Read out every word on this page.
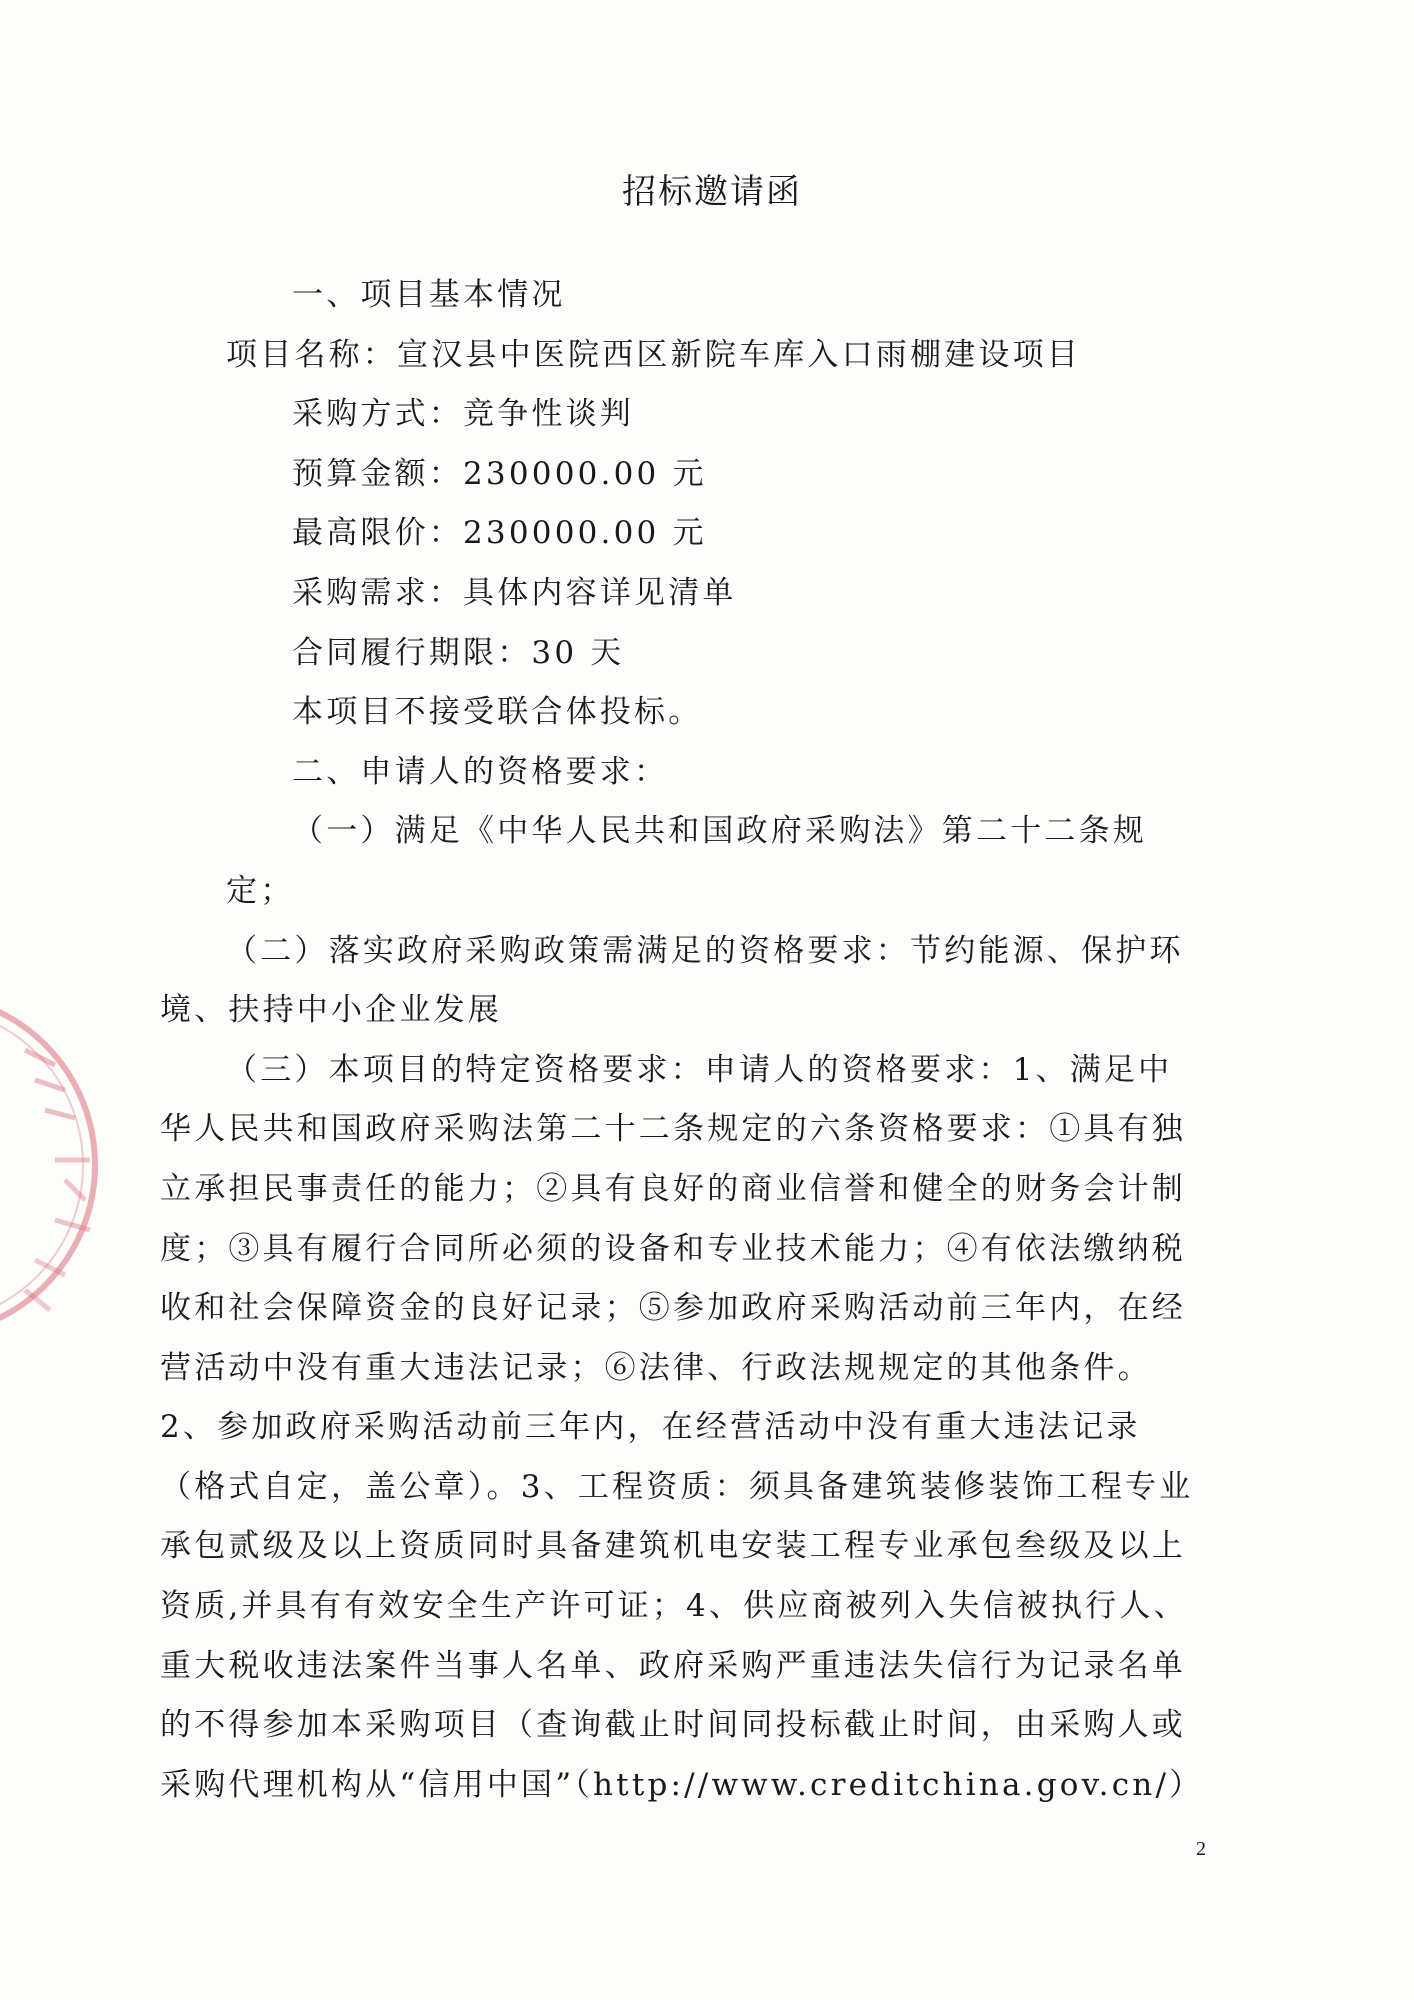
招标邀请函

一、项目基本情况

项目名称：宣汉县中医院西区新院车库入口雨棚建设项目

采购方式：竞争性谈判

预算金额：230000.00 元

最高限价：230000.00 元

采购需求：具体内容详见清单

合同履行期限：30 天

本项目不接受联合体投标。

二、申请人的资格要求：

（一）满足《中华人民共和国政府采购法》第二十二条规定；

（二）落实政府采购政策需满足的资格要求：节约能源、保护环境、扶持中小企业发展

（三）本项目的特定资格要求：申请人的资格要求：1、满足中华人民共和国政府采购法第二十二条规定的六条资格要求：①具有独立承担民事责任的能力；②具有良好的商业信誉和健全的财务会计制度；③具有履行合同所必须的设备和专业技术能力；④有依法缴纳税收和社会保障资金的良好记录；⑤参加政府采购活动前三年内，在经营活动中没有重大违法记录；⑥法律、行政法规规定的其他条件。2、参加政府采购活动前三年内，在经营活动中没有重大违法记录（格式自定，盖公章）。3、工程资质：须具备建筑装修装饰工程专业承包贰级及以上资质同时具备建筑机电安装工程专业承包叁级及以上资质,并具有有效安全生产许可证；4、供应商被列入失信被执行人、重大税收违法案件当事人名单、政府采购严重违法失信行为记录名单的不得参加本采购项目（查询截止时间同投标截止时间，由采购人或采购代理机构从“信用中国”（http://www.creditchina.gov.cn/）

2
